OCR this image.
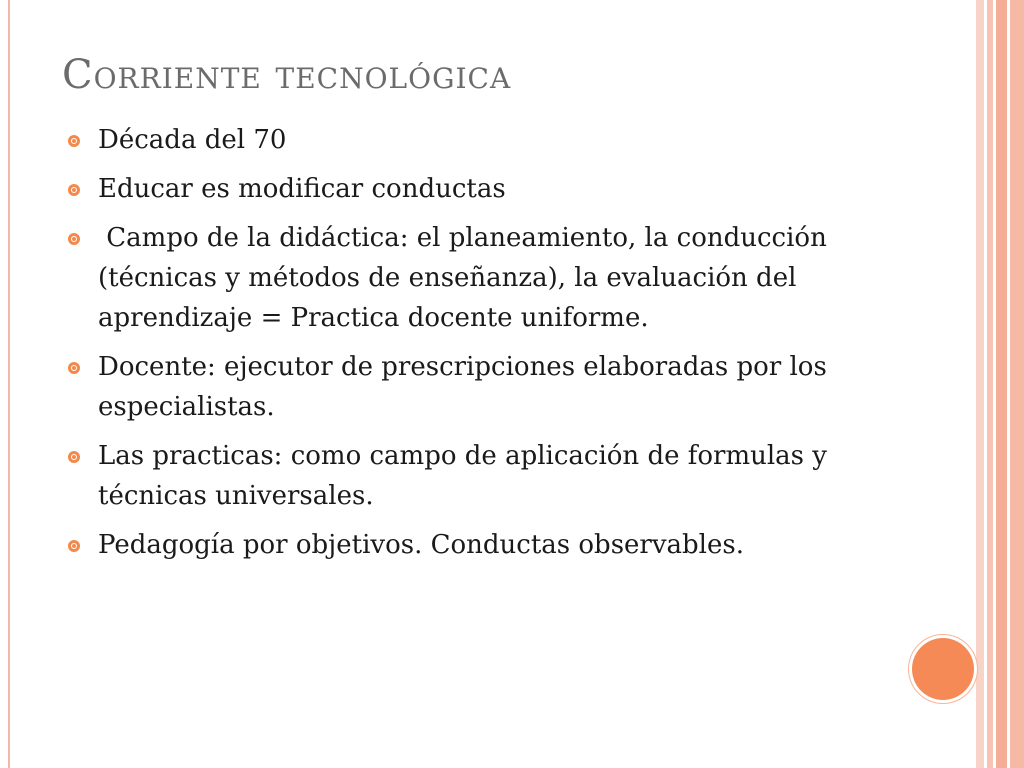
Corriente tecnológica
Década del 70
Educar es modificar conductas
Campo de la didáctica: el planeamiento, la conducción (técnicas y métodos de enseñanza), la evaluación del aprendizaje = Practica docente uniforme.
Docente: ejecutor de prescripciones elaboradas por los especialistas.
Las practicas: como campo de aplicación de formulas y técnicas universales.
Pedagogía por objetivos. Conductas observables.
